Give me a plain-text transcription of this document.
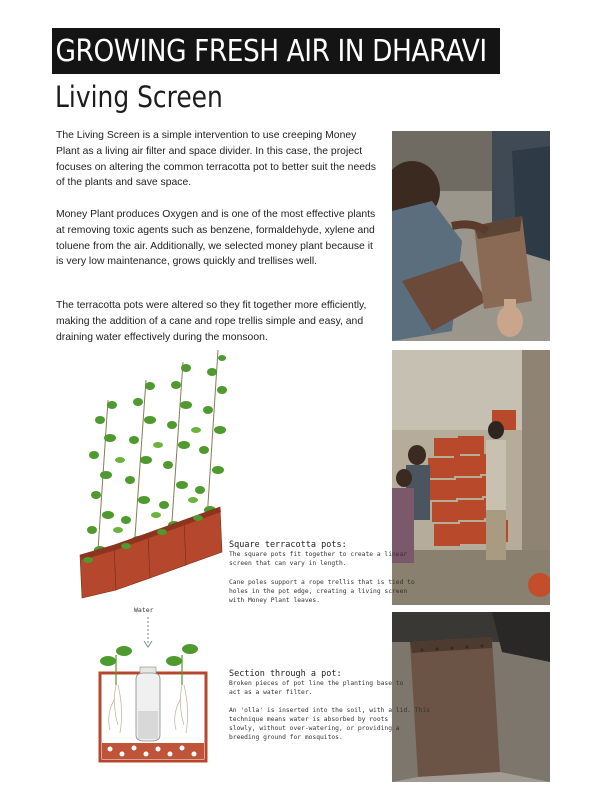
GROWING FRESH AIR IN DHARAVI
Living Screen
The Living Screen is a simple intervention to use creeping Money Plant as a living air filter and space divider. In this case, the project focuses on altering the common terracotta pot to better suit the needs of the plants and save space.
Money Plant produces Oxygen and is one of the most effective plants at removing toxic agents such as benzene, formaldehyde, xylene and toluene from the air. Additionally, we selected money plant because it is very low maintenance, grows quickly and trellises well.
The terracotta pots were altered so they fit together more efficiently, making the addition of a cane and rope trellis simple and easy, and draining water effectively during the monsoon.
Water
Square terracotta pots:
The square pots fit together to create a linear
screen that can vary in length.
Cane poles support a rope trellis that is tied to
holes in the pot edge, creating a living screen
with Money Plant leaves.
Section through a pot:
Broken pieces of pot line the planting base to
act as a water filter.
An 'olla' is inserted into the soil, with a lid. This
technique means water is absorbed by roots
slowly, without over-watering, or providing a
breeding ground for mosquitos.
